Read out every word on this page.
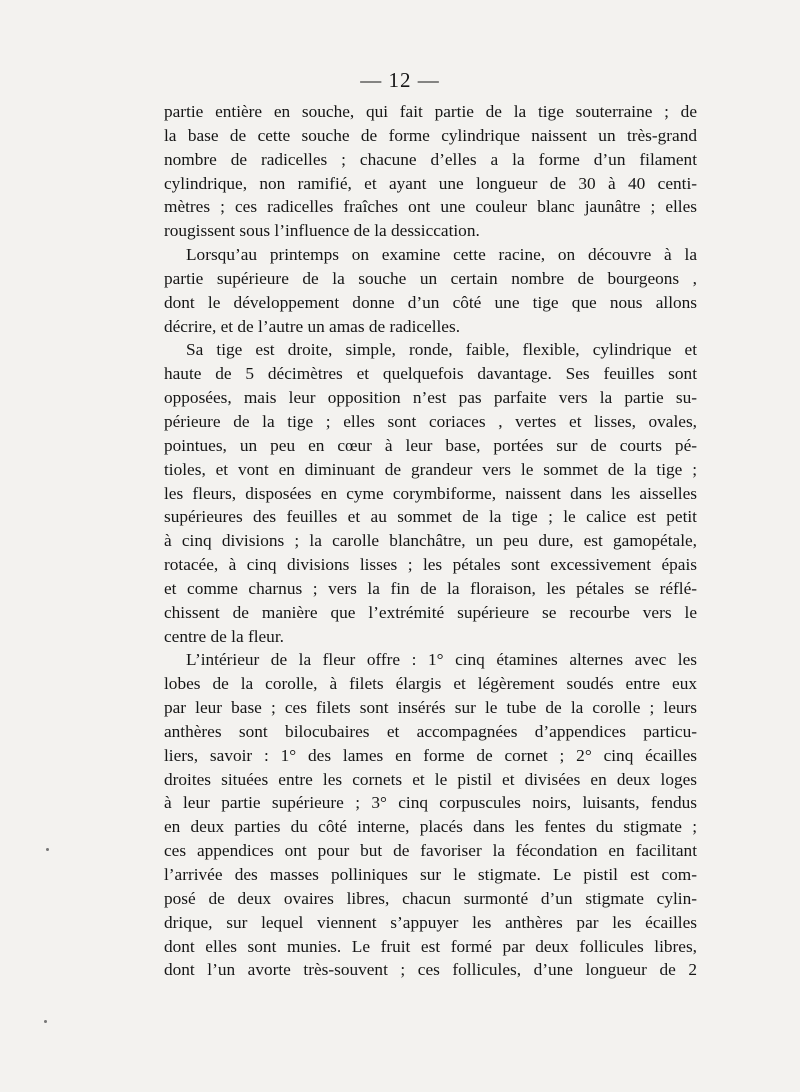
— 12 —
partie entière en souche, qui fait partie de la tige souterraine ; de
la base de cette souche de forme cylindrique naissent un très-grand
nombre de radicelles ; chacune d’elles a la forme d’un filament
cylindrique, non ramifié, et ayant une longueur de 30 à 40 centi-
mètres ; ces radicelles fraîches ont une couleur blanc jaunâtre ; elles
rougissent sous l’influence de la dessiccation.
Lorsqu’au printemps on examine cette racine, on découvre à la
partie supérieure de la souche un certain nombre de bourgeons ,
dont le développement donne d’un côté une tige que nous allons
décrire, et de l’autre un amas de radicelles.
Sa tige est droite, simple, ronde, faible, flexible, cylindrique et
haute de 5 décimètres et quelquefois davantage. Ses feuilles sont
opposées, mais leur opposition n’est pas parfaite vers la partie su-
périeure de la tige ; elles sont coriaces , vertes et lisses, ovales,
pointues, un peu en cœur à leur base, portées sur de courts pé-
tioles, et vont en diminuant de grandeur vers le sommet de la tige ;
les fleurs, disposées en cyme corymbiforme, naissent dans les aisselles
supérieures des feuilles et au sommet de la tige ; le calice est petit
à cinq divisions ; la carolle blanchâtre, un peu dure, est gamopétale,
rotacée, à cinq divisions lisses ; les pétales sont excessivement épais
et comme charnus ; vers la fin de la floraison, les pétales se réflé-
chissent de manière que l’extrémité supérieure se recourbe vers le
centre de la fleur.
L’intérieur de la fleur offre : 1° cinq étamines alternes avec les
lobes de la corolle, à filets élargis et légèrement soudés entre eux
par leur base ; ces filets sont insérés sur le tube de la corolle ; leurs
anthères sont bilocubaires et accompagnées d’appendices particu-
liers, savoir : 1° des lames en forme de cornet ; 2° cinq écailles
droites situées entre les cornets et le pistil et divisées en deux loges
à leur partie supérieure ; 3° cinq corpuscules noirs, luisants, fendus
en deux parties du côté interne, placés dans les fentes du stigmate ;
ces appendices ont pour but de favoriser la fécondation en facilitant
l’arrivée des masses polliniques sur le stigmate. Le pistil est com-
posé de deux ovaires libres, chacun surmonté d’un stigmate cylin-
drique, sur lequel viennent s’appuyer les anthères par les écailles
dont elles sont munies. Le fruit est formé par deux follicules libres,
dont l’un avorte très-souvent ; ces follicules, d’une longueur de 2
